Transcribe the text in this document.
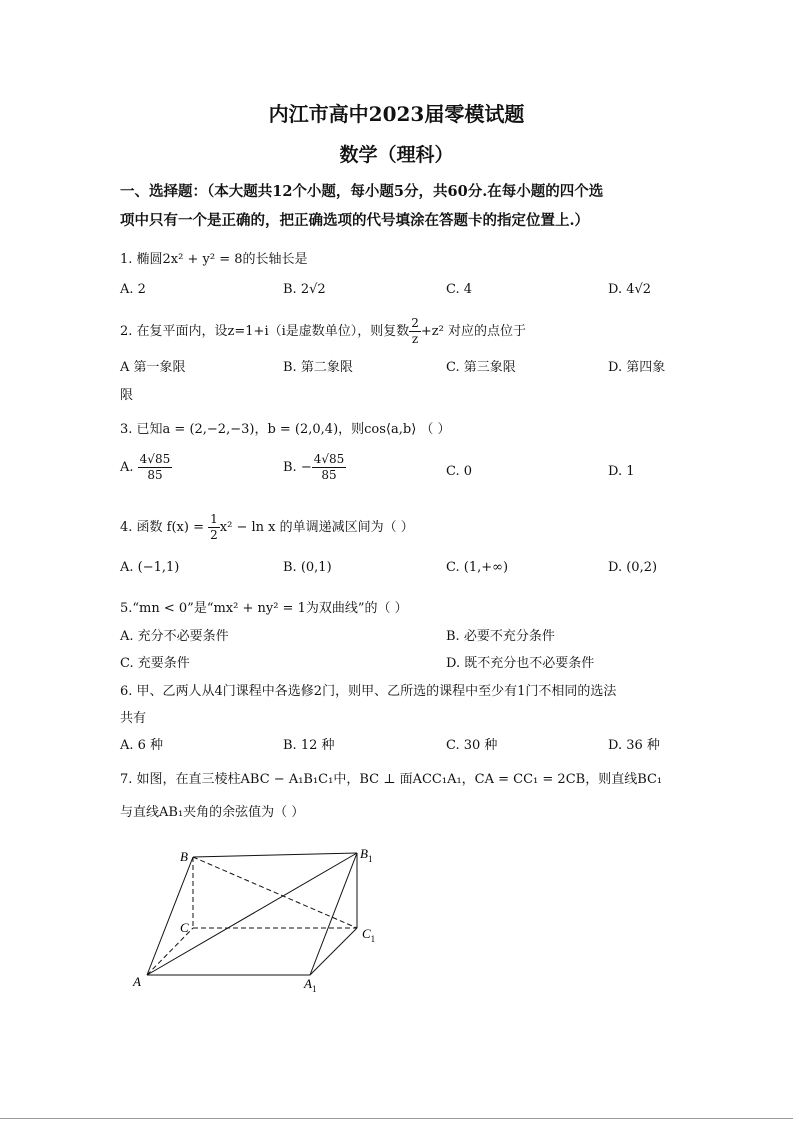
内江市高中2023届零模试题
数学（理科）
一、选择题：（本大题共12个小题，每小题5分，共60分.在每小题的四个选
项中只有一个是正确的，把正确选项的代号填涂在答题卡的指定位置上.）
1. 椭圆2x² + y² = 8的长轴长是
A. 2	B. 2√2	C. 4	D. 4√2
2. 在复平面内，设z=1+i（i是虚数单位），则复数 $\frac{2}{z} +z^2$ 对应的点位于
A 第一象限	B. 第二象限	C. 第三象限	D. 第四象
限
3. 已知a = (2,−2,−3)，b = (2,0,4)，则cos⟨a,b⟩ （ ）
A. $\frac{4√85}{85}$	B. − $\frac{4√85}{85}$	C. 0	D. 1
4. 函数 $f(x) = \frac{1}{2} x^2 - \ln x$ 的单调递减区间为（ ）
A. (−1,1)	B. (0,1)	C. (1,+∞)	D. (0,2)
5.“mn < 0”是“mx² + ny² = 1为双曲线”的（ ）
A. 充分不必要条件	B. 必要不充分条件
C. 充要条件	D. 既不充分也不必要条件
6. 甲、乙两人从4门课程中各选修2门，则甲、乙所选的课程中至少有1门不相同的选法
共有
A. 6 种	B. 12 种	C. 30 种	D. 36 种
7. 如图，在直三棱柱ABC − A₁B₁C₁中，BC ⊥ 面ACC₁A₁，CA = CC₁ = 2CB，则直线BC₁
与直线AB₁夹角的余弦值为（ ）
B	$B_1$
C	$C_1$
A	$A_1$
